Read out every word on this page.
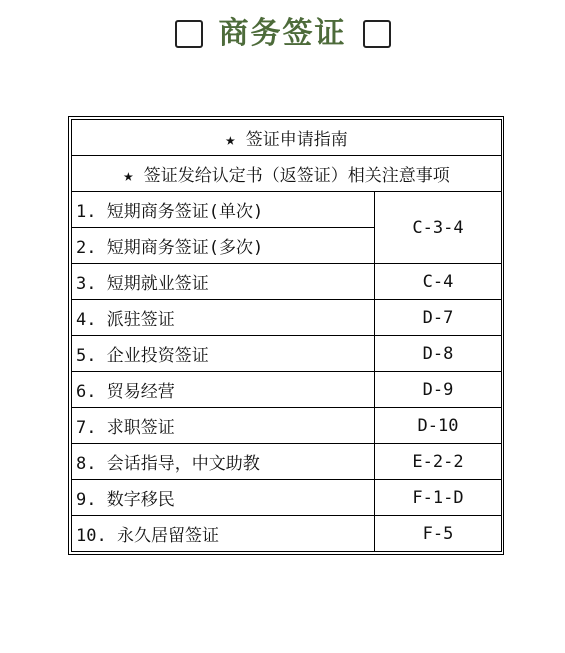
商务签证
★ 签证申请指南	
★ 签证发给认定书（返签证）相关注意事项	
1. 短期商务签证(单次)	C-3-4
2. 短期商务签证(多次)	
3. 短期就业签证	C-4
4. 派驻签证	D-7
5. 企业投资签证	D-8
6. 贸易经营	D-9
7. 求职签证	D-10
8. 会话指导，中文助教	E-2-2
9. 数字移民	F-1-D
10. 永久居留签证	F-5
